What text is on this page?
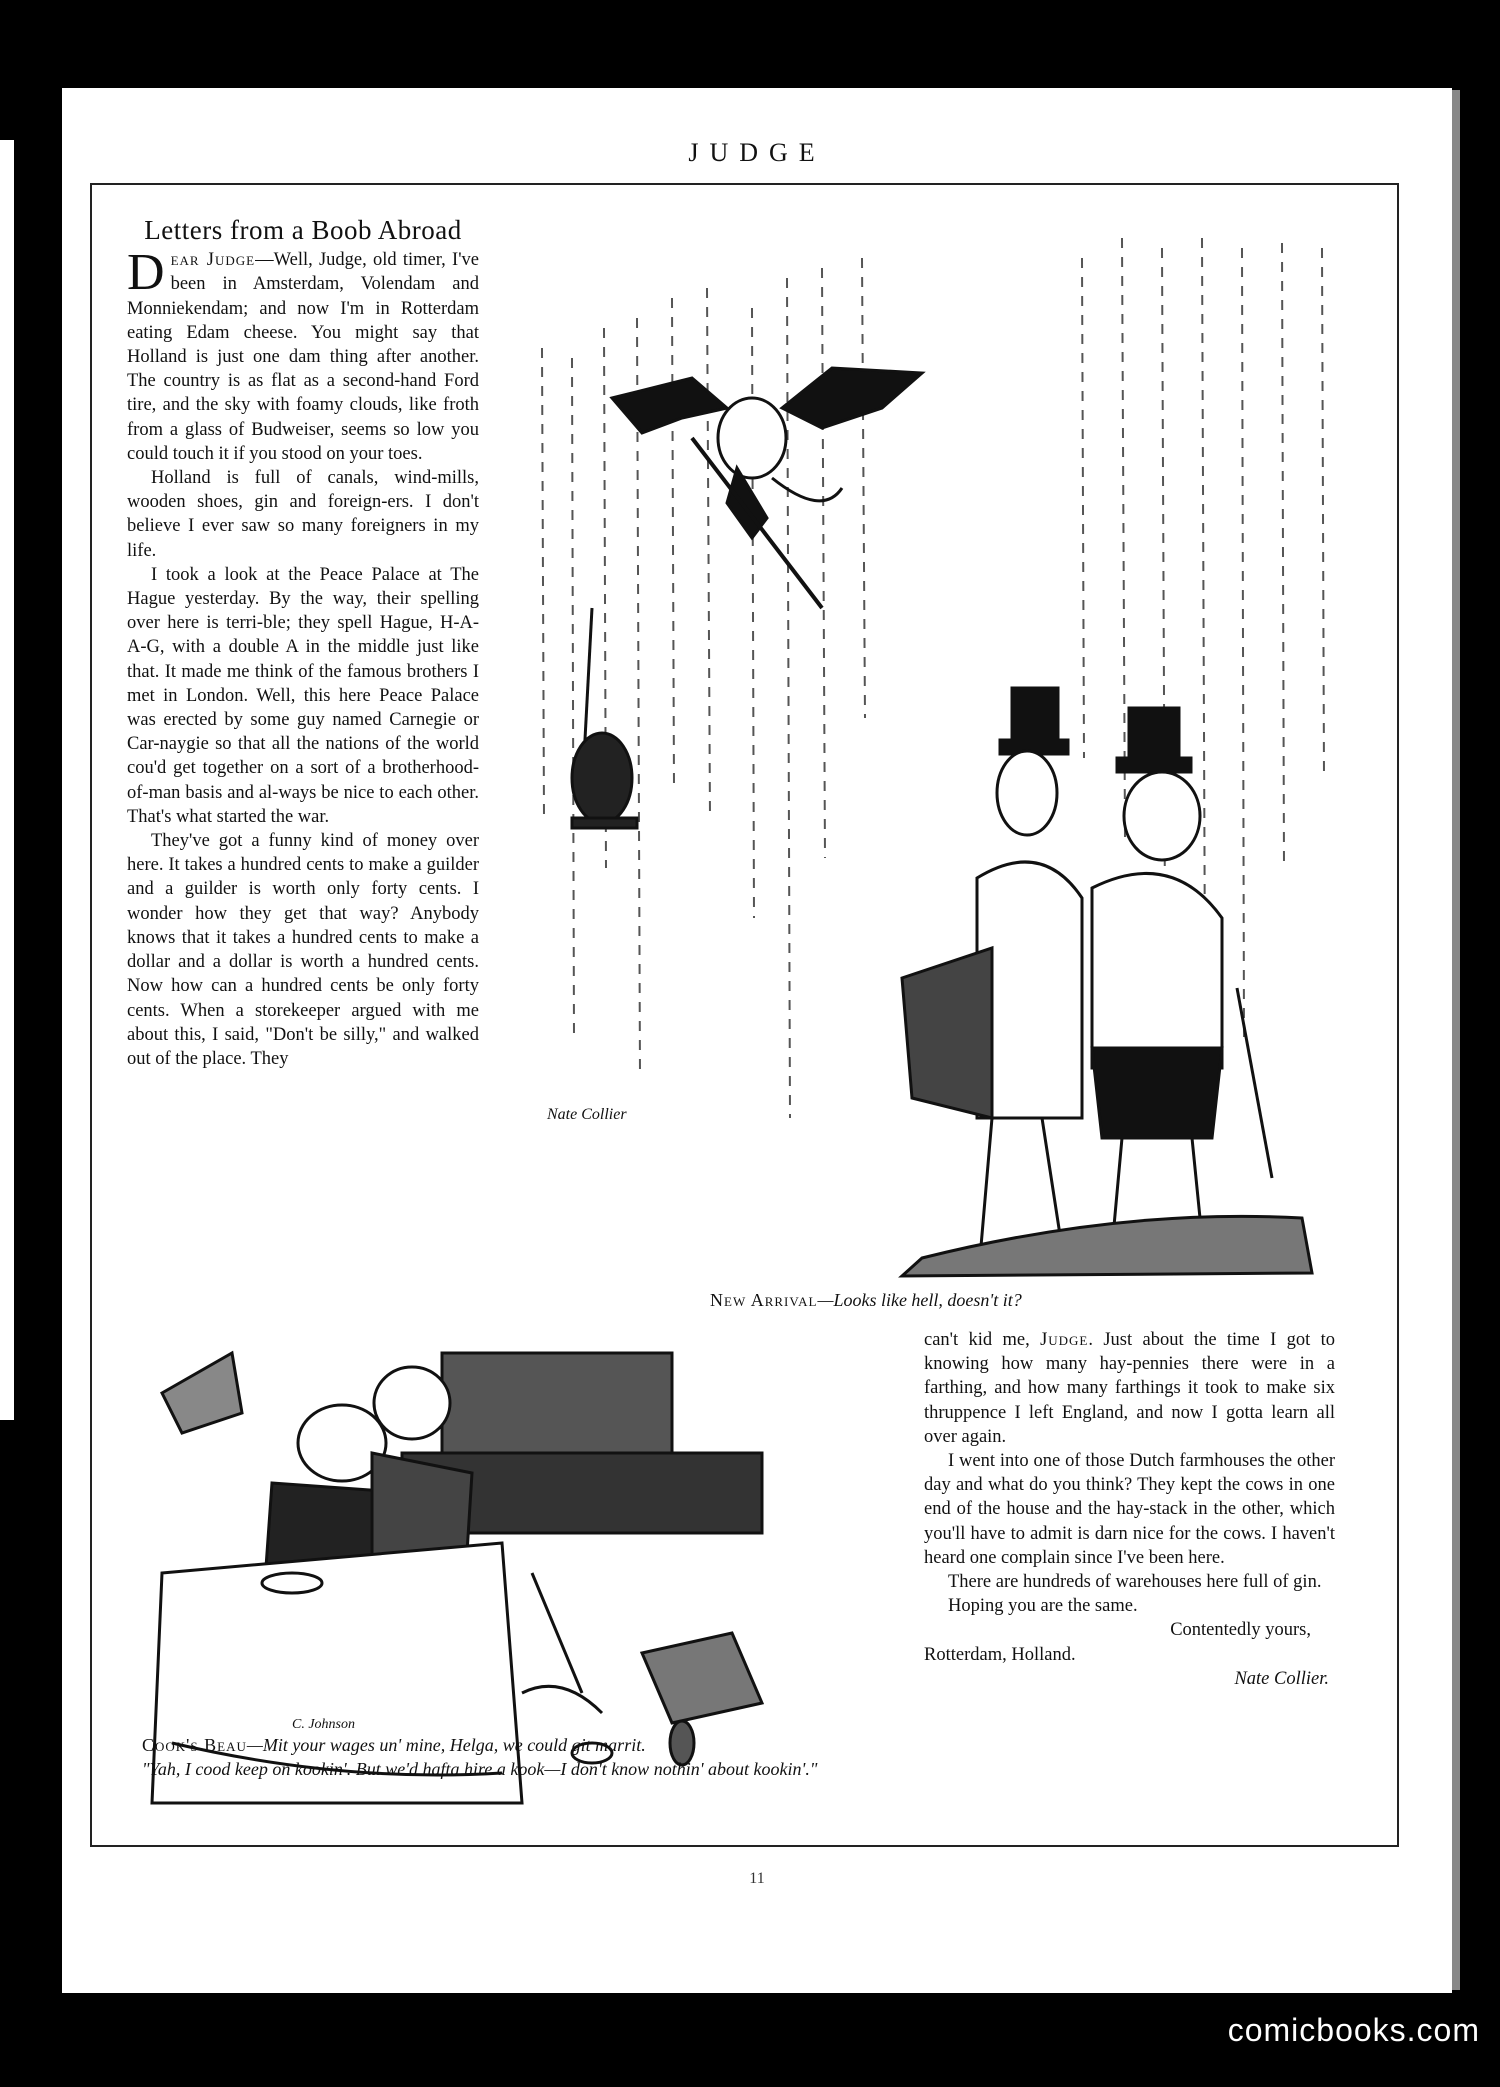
JUDGE
Letters from a Boob Abroad

Dear Judge—Well, Judge, old timer, I've been in Amsterdam, Volendam and Monniekendam; and now I'm in Rotterdam eating Edam cheese. You might say that Holland is just one dam thing after another. The country is as flat as a second-hand Ford tire, and the sky with foamy clouds, like froth from a glass of Budweiser, seems so low you could touch it if you stood on your toes.

Holland is full of canals, wind-mills, wooden shoes, gin and foreign-ers. I don't believe I ever saw so many foreigners in my life.

I took a look at the Peace Palace at The Hague yesterday. By the way, their spelling over here is terri-ble; they spell Hague, H-A-A-G, with a double A in the middle just like that. It made me think of the famous brothers I met in London. Well, this here Peace Palace was erected by some guy named Carnegie or Car-naygie so that all the nations of the world cou'd get together on a sort of a brotherhood-of-man basis and al-ways be nice to each other. That's what started the war.

They've got a funny kind of money over here. It takes a hundred cents to make a guilder and a guilder is worth only forty cents. I wonder how they get that way? Anybody knows that it takes a hundred cents to make a dollar and a dollar is worth a hundred cents. Now how can a hundred cents be only forty cents. When a storekeeper argued with me about this, I said, "Don't be silly," and walked out of the place. They

Nate Collier
New Arrival—Looks like hell, doesn't it?
C. Johnson
Cook's Beau—Mit your wages un' mine, Helga, we could git marrit.
"Yah, I cood keep on kookin'. But we'd hafta hire a kook—I don't know nothin' about kookin'."

can't kid me, Judge. Just about the time I got to knowing how many hay-pennies there were in a farthing, and how many farthings it took to make six thruppence I left England, and now I gotta learn all over again.

I went into one of those Dutch farmhouses the other day and what do you think? They kept the cows in one end of the house and the hay-stack in the other, which you'll have to admit is darn nice for the cows. I haven't heard one complain since I've been here.

There are hundreds of warehouses here full of gin.

Hoping you are the same.

Contentedly yours,

Rotterdam, Holland.

Nate Collier.

11
comicbooks.com
